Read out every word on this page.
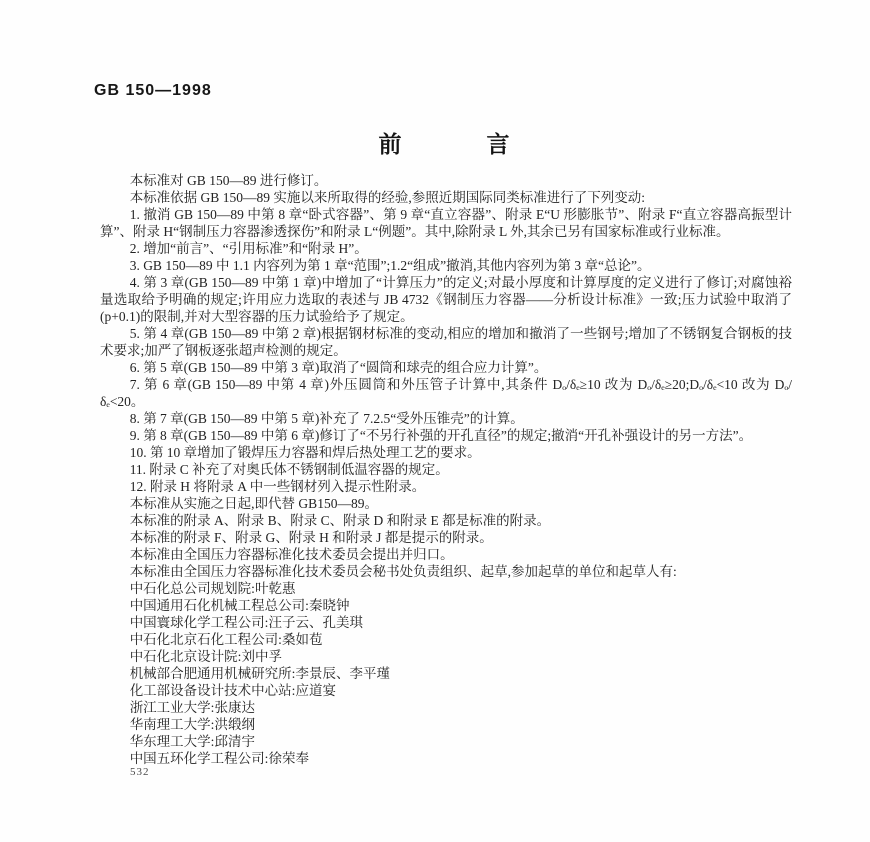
GB 150—1998
前　　　言

本标准对 GB 150—89 进行修订。

本标准依据 GB 150—89 实施以来所取得的经验,参照近期国际同类标准进行了下列变动:

1. 撤消 GB 150—89 中第 8 章“卧式容器”、第 9 章“直立容器”、附录 E“U 形膨胀节”、附录 F“直立容器高振型计算”、附录 H“钢制压力容器渗透探伤”和附录 L“例题”。其中,除附录 L 外,其余已另有国家标准或行业标准。

2. 增加“前言”、“引用标准”和“附录 H”。

3. GB 150—89 中 1.1 内容列为第 1 章“范围”;1.2“组成”撤消,其他内容列为第 3 章“总论”。

4. 第 3 章(GB 150—89 中第 1 章)中增加了“计算压力”的定义;对最小厚度和计算厚度的定义进行了修订;对腐蚀裕量选取给予明确的规定;许用应力选取的表述与 JB 4732《钢制压力容器——分析设计标准》一致;压力试验中取消了(p+0.1)的限制,并对大型容器的压力试验给予了规定。

5. 第 4 章(GB 150—89 中第 2 章)根据钢材标准的变动,相应的增加和撤消了一些钢号;增加了不锈钢复合钢板的技术要求;加严了钢板逐张超声检测的规定。

6. 第 5 章(GB 150—89 中第 3 章)取消了“圆筒和球壳的组合应力计算”。

7. 第 6 章(GB 150—89 中第 4 章)外压圆筒和外压管子计算中,其条件 Dₒ/δₑ≥10 改为 Dₒ/δₑ≥20;Dₒ/δₑ<10 改为 Dₒ/δₑ<20。

8. 第 7 章(GB 150—89 中第 5 章)补充了 7.2.5“受外压锥壳”的计算。

9. 第 8 章(GB 150—89 中第 6 章)修订了“不另行补强的开孔直径”的规定;撤消“开孔补强设计的另一方法”。

10. 第 10 章增加了锻焊压力容器和焊后热处理工艺的要求。

11. 附录 C 补充了对奥氏体不锈钢制低温容器的规定。

12. 附录 H 将附录 A 中一些钢材列入提示性附录。

本标准从实施之日起,即代替 GB150—89。

本标准的附录 A、附录 B、附录 C、附录 D 和附录 E 都是标准的附录。

本标准的附录 F、附录 G、附录 H 和附录 J 都是提示的附录。

本标准由全国压力容器标准化技术委员会提出并归口。

本标准由全国压力容器标准化技术委员会秘书处负责组织、起草,参加起草的单位和起草人有:

中石化总公司规划院:叶乾惠

中国通用石化机械工程总公司:秦晓钟

中国寰球化学工程公司:汪子云、孔美琪

中石化北京石化工程公司:桑如苞

中石化北京设计院:刘中孚

机械部合肥通用机械研究所:李景辰、李平瑾

化工部设备设计技术中心站:应道宴

浙江工业大学:张康达

华南理工大学:洪缎纲

华东理工大学:邱清宇

中国五环化学工程公司:徐荣奉

532
